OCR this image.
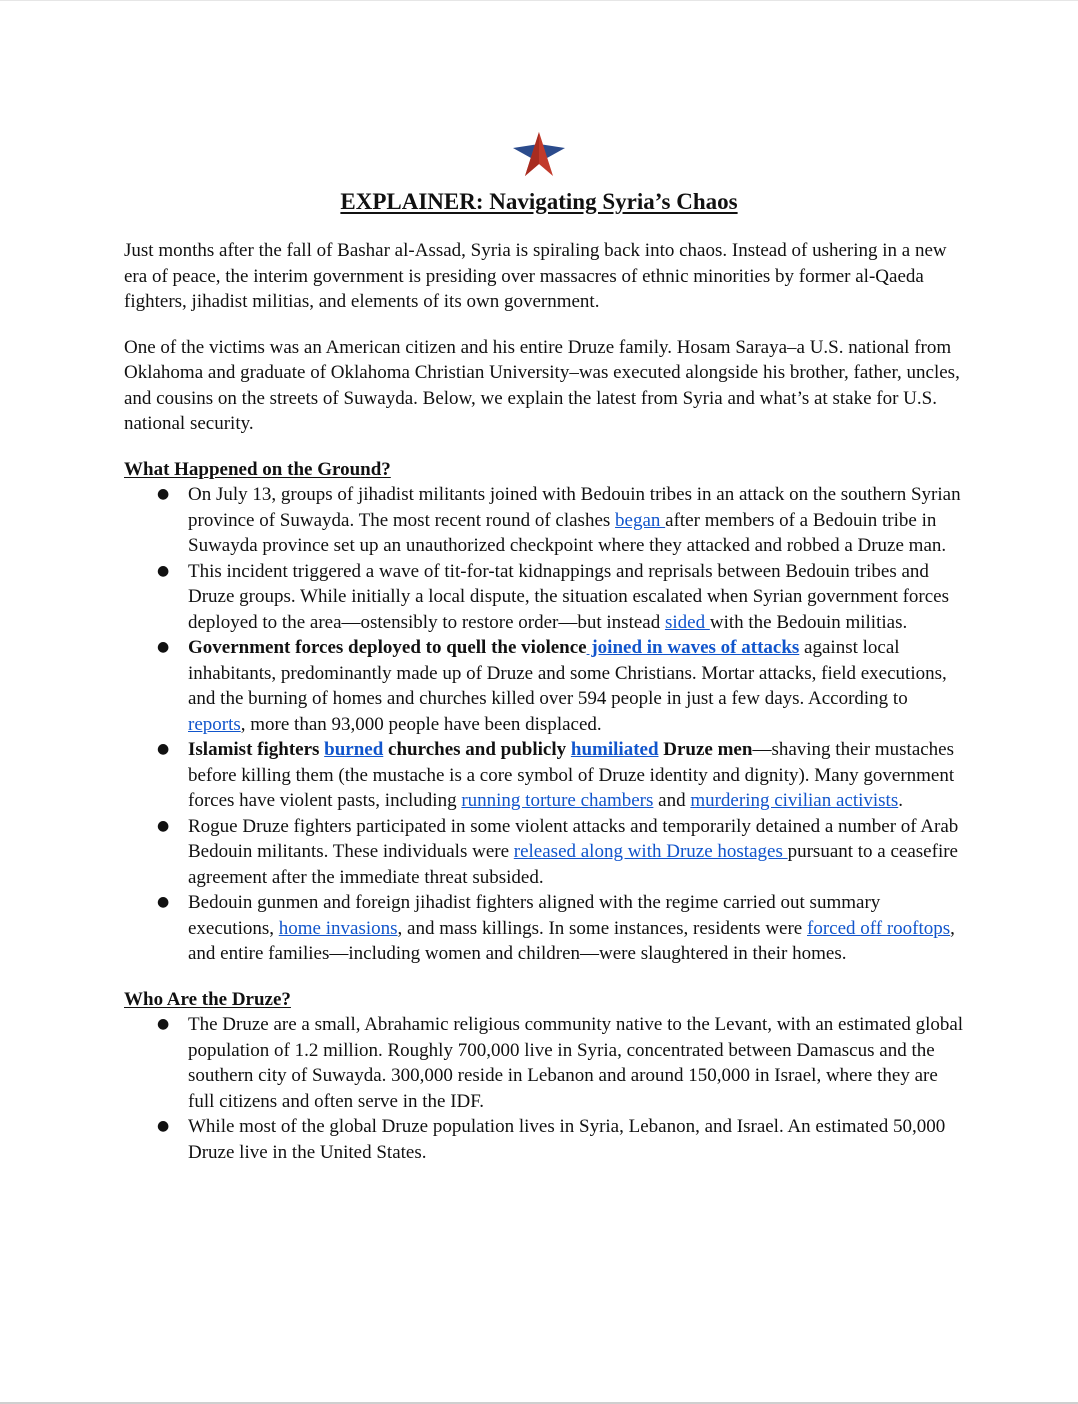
EXPLAINER: Navigating Syria’s Chaos

Just months after the fall of Bashar al-Assad, Syria is spiraling back into chaos. Instead of ushering in a new era of peace, the interim government is presiding over massacres of ethnic minorities by former al-Qaeda fighters, jihadist militias, and elements of its own government.

One of the victims was an American citizen and his entire Druze family. Hosam Saraya–a U.S. national from Oklahoma and graduate of Oklahoma Christian University–was executed alongside his brother, father, uncles, and cousins on the streets of Suwayda. Below, we explain the latest from Syria and what’s at stake for U.S. national security.

What Happened on the Ground?
● On July 13, groups of jihadist militants joined with Bedouin tribes in an attack on the southern Syrian province of Suwayda. The most recent round of clashes began after members of a Bedouin tribe in Suwayda province set up an unauthorized checkpoint where they attacked and robbed a Druze man.
● This incident triggered a wave of tit-for-tat kidnappings and reprisals between Bedouin tribes and Druze groups. While initially a local dispute, the situation escalated when Syrian government forces deployed to the area—ostensibly to restore order—but instead sided with the Bedouin militias.
● Government forces deployed to quell the violence joined in waves of attacks against local inhabitants, predominantly made up of Druze and some Christians. Mortar attacks, field executions, and the burning of homes and churches killed over 594 people in just a few days. According to reports, more than 93,000 people have been displaced.
● Islamist fighters burned churches and publicly humiliated Druze men—shaving their mustaches before killing them (the mustache is a core symbol of Druze identity and dignity). Many government forces have violent pasts, including running torture chambers and murdering civilian activists.
● Rogue Druze fighters participated in some violent attacks and temporarily detained a number of Arab Bedouin militants. These individuals were released along with Druze hostages pursuant to a ceasefire agreement after the immediate threat subsided.
● Bedouin gunmen and foreign jihadist fighters aligned with the regime carried out summary executions, home invasions, and mass killings. In some instances, residents were forced off rooftops, and entire families—including women and children—were slaughtered in their homes.
Who Are the Druze?
● The Druze are a small, Abrahamic religious community native to the Levant, with an estimated global population of 1.2 million. Roughly 700,000 live in Syria, concentrated between Damascus and the southern city of Suwayda. 300,000 reside in Lebanon and around 150,000 in Israel, where they are full citizens and often serve in the IDF.
● While most of the global Druze population lives in Syria, Lebanon, and Israel. An estimated 50,000 Druze live in the United States.
